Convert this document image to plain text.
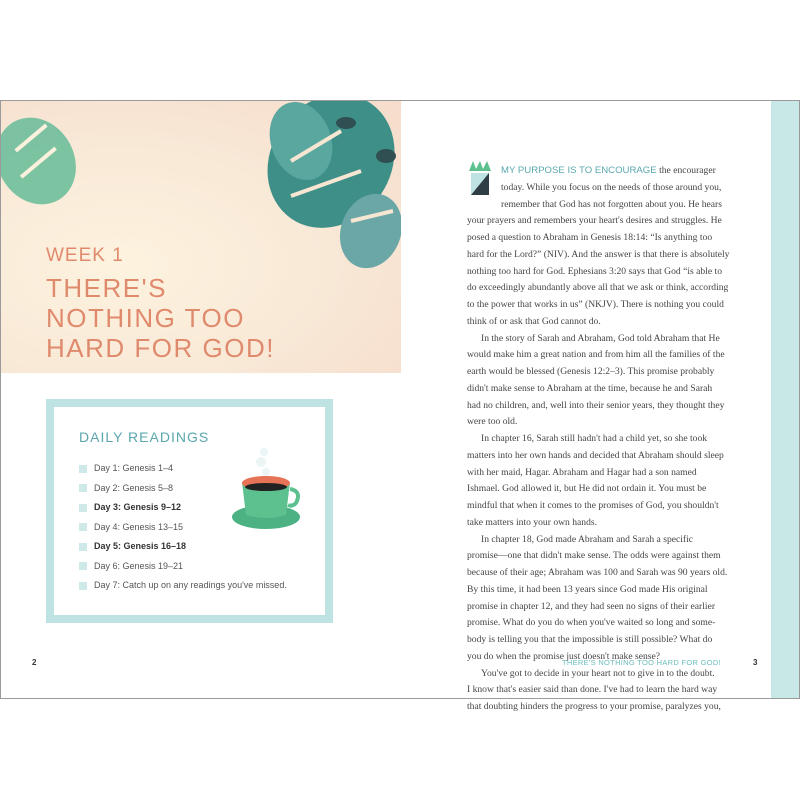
WEEK 1
THERE'S NOTHING TOO HARD FOR GOD!
DAILY READINGS
Day 1: Genesis 1–4
Day 2: Genesis 5–8
Day 3: Genesis 9–12
Day 4: Genesis 13–15
Day 5: Genesis 16–18
Day 6: Genesis 19–21
Day 7: Catch up on any readings you've missed.
2
MY PURPOSE IS TO ENCOURAGE the encourager
today. While you focus on the needs of those around you,
remember that God has not forgotten about you. He hears
your prayers and remembers your heart's desires and struggles. He
posed a question to Abraham in Genesis 18:14: “Is anything too
hard for the Lord?” (NIV). And the answer is that there is absolutely
nothing too hard for God. Ephesians 3:20 says that God “is able to
do exceedingly abundantly above all that we ask or think, according
to the power that works in us” (NKJV). There is nothing you could
think of or ask that God cannot do.
In the story of Sarah and Abraham, God told Abraham that He
would make him a great nation and from him all the families of the
earth would be blessed (Genesis 12:2–3). This promise probably
didn't make sense to Abraham at the time, because he and Sarah
had no children, and, well into their senior years, they thought they
were too old.
In chapter 16, Sarah still hadn't had a child yet, so she took
matters into her own hands and decided that Abraham should sleep
with her maid, Hagar. Abraham and Hagar had a son named
Ishmael. God allowed it, but He did not ordain it. You must be
mindful that when it comes to the promises of God, you shouldn't
take matters into your own hands.
In chapter 18, God made Abraham and Sarah a specific
promise—one that didn't make sense. The odds were against them
because of their age; Abraham was 100 and Sarah was 90 years old.
By this time, it had been 13 years since God made His original
promise in chapter 12, and they had seen no signs of their earlier
promise. What do you do when you've waited so long and some-
body is telling you that the impossible is still possible? What do
you do when the promise just doesn't make sense?
You've got to decide in your heart not to give in to the doubt.
I know that's easier said than done. I've had to learn the hard way
that doubting hinders the progress to your promise, paralyzes you,
THERE'S NOTHING TOO HARD FOR GOD!	3
